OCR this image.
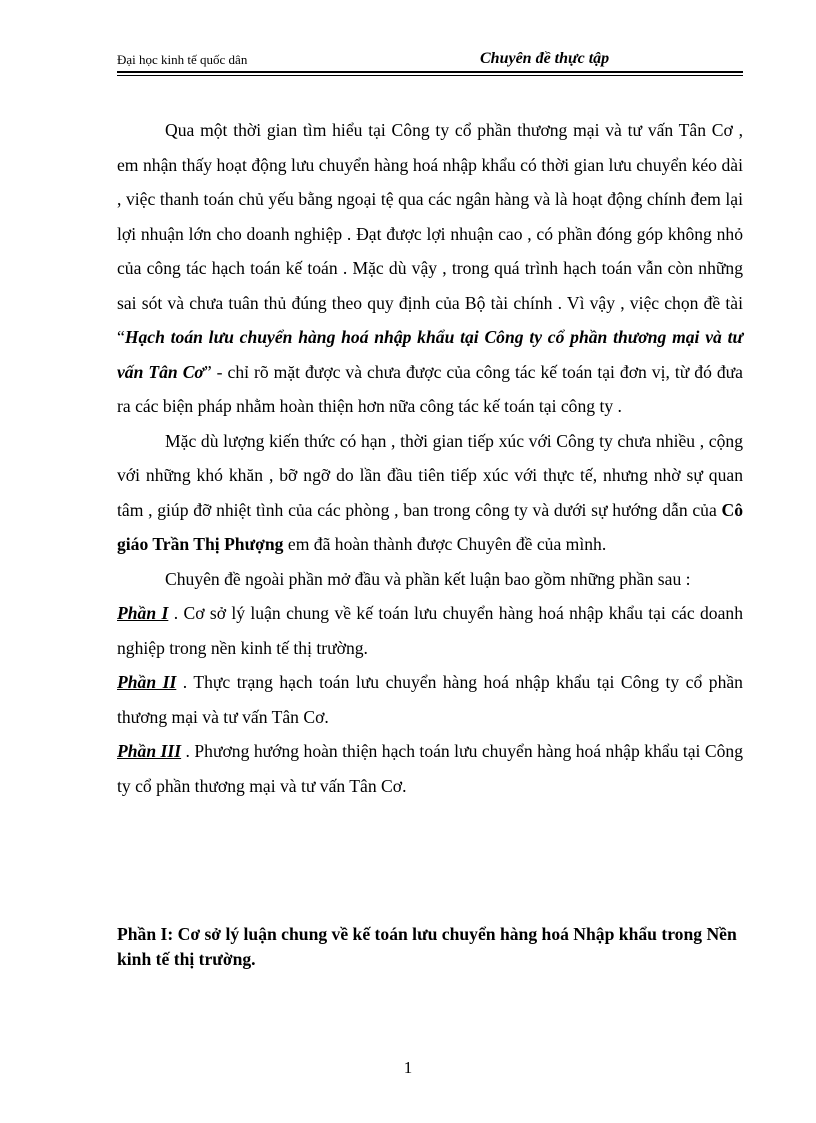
Đại học kinh tế quốc dân	Chuyên đề thực tập

Qua một thời gian tìm hiểu tại Công ty cổ phần thương mại và tư vấn Tân Cơ , em nhận thấy hoạt động lưu chuyển hàng hoá nhập khẩu có thời gian lưu chuyển kéo dài , việc thanh toán chủ yếu bằng ngoại tệ qua các ngân hàng và là hoạt động chính đem lại lợi nhuận lớn cho doanh nghiệp . Đạt được lợi nhuận cao , có phần đóng góp không nhỏ của công tác hạch toán kế toán . Mặc dù vậy , trong quá trình hạch toán vẫn còn những sai sót và chưa tuân thủ đúng theo quy định của Bộ tài chính . Vì vậy , việc chọn đề tài “Hạch toán lưu chuyển hàng hoá nhập khẩu tại Công ty cổ phần thương mại và tư vấn Tân Cơ” - chỉ rõ mặt được và chưa được của công tác kế toán tại đơn vị, từ đó đưa ra các biện pháp nhằm hoàn thiện hơn nữa công tác kế toán tại công ty .

Mặc dù lượng kiến thức có hạn , thời gian tiếp xúc với Công ty chưa nhiều , cộng với những khó khăn , bỡ ngỡ do lần đầu tiên tiếp xúc với thực tế, nhưng nhờ sự quan tâm , giúp đỡ nhiệt tình của các phòng , ban trong công ty và dưới sự hướng dẫn của Cô giáo Trần Thị Phượng em đã hoàn thành được Chuyên đề của mình.

Chuyên đề ngoài phần mở đầu và phần kết luận bao gồm những phần sau :

Phần I . Cơ sở lý luận chung về kế toán lưu chuyển hàng hoá nhập khẩu tại các doanh nghiệp trong nền kinh tế thị trường.

Phần II . Thực trạng hạch toán lưu chuyển hàng hoá nhập khẩu tại Công ty cổ phần thương mại và tư vấn Tân Cơ.

Phần III . Phương hướng hoàn thiện hạch toán lưu chuyển hàng hoá nhập khẩu tại Công ty cổ phần thương mại và tư vấn Tân Cơ.

Phần I: Cơ sở lý luận chung về kế toán lưu chuyển hàng hoá Nhập khẩu trong Nền kinh tế thị trường.
1
